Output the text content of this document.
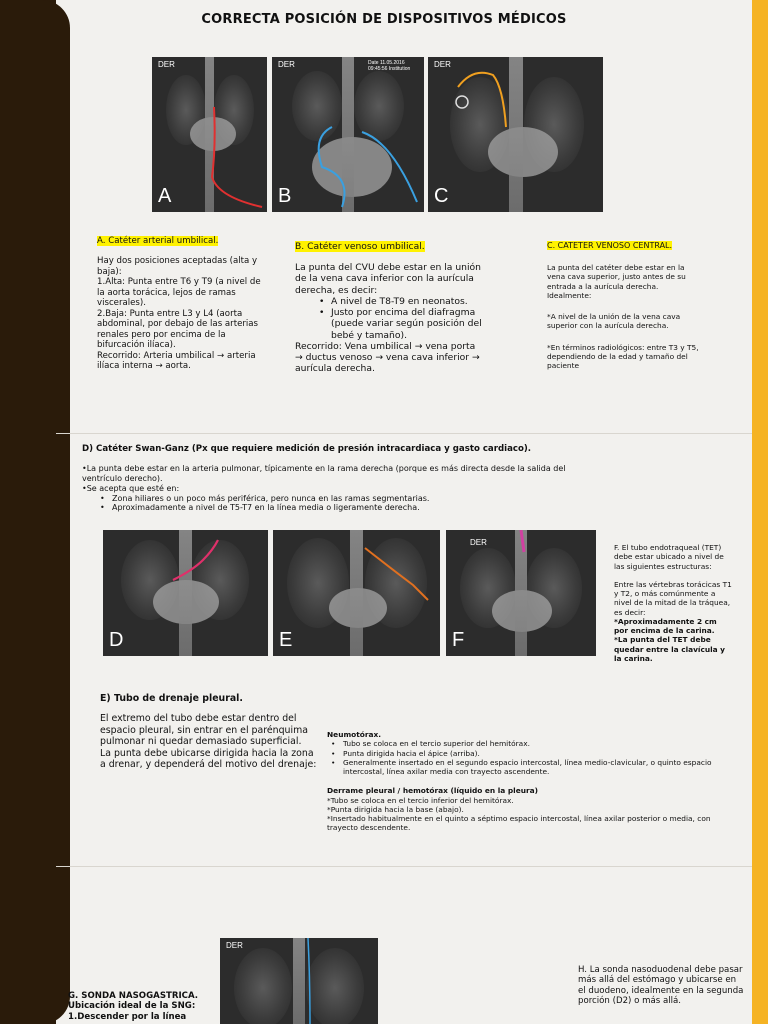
CORRECTA POSICIÓN DE DISPOSITIVOS MÉDICOS
DER
A
DER	Date 11.05.2016 09:45:56 Institution
B
DER
C
A. Catéter arterial umbilical.
Hay dos posiciones aceptadas (alta y baja):
1.Alta: Punta entre T6 y T9 (a nivel de la aorta torácica, lejos de ramas viscerales).
2.Baja: Punta entre L3 y L4 (aorta abdominal, por debajo de las arterias renales pero por encima de la bifurcación ilíaca).
Recorrido: Arteria umbilical → arteria ilíaca interna → aorta.
B. Catéter venoso umbilical.
La punta del CVU debe estar en la unión de la vena cava inferior con la aurícula derecha, es decir:
• A nivel de T8-T9 en neonatos.
• Justo por encima del diafragma (puede variar según posición del bebé y tamaño).
Recorrido: Vena umbilical → vena porta → ductus venoso → vena cava inferior → aurícula derecha.
C. CATETER VENOSO CENTRAL.
La punta del catéter debe estar en la vena cava superior, justo antes de su entrada a la aurícula derecha. Idealmente:
*A nivel de la unión de la vena cava superior con la aurícula derecha.
*En términos radiológicos: entre T3 y T5, dependiendo de la edad y tamaño del paciente
D) Catéter Swan-Ganz (Px que requiere medición de presión intracardiaca y gasto cardiaco).
•La punta debe estar en la arteria pulmonar, típicamente en la rama derecha (porque es más directa desde la salida del ventrículo derecho).
•Se acepta que esté en:
• Zona hiliares o un poco más periférica, pero nunca en las ramas segmentarias.
• Aproximadamente a nivel de T5-T7 en la línea media o ligeramente derecha.
D	E
DER
F
F. El tubo endotraqueal (TET) debe estar ubicado a nivel de las siguientes estructuras:
Entre las vértebras torácicas T1 y T2, o más comúnmente a nivel de la mitad de la tráquea, es decir:
*Aproximadamente 2 cm por encima de la carina.
*La punta del TET debe quedar entre la clavícula y la carina.
E) Tubo de drenaje pleural.
El extremo del tubo debe estar dentro del espacio pleural, sin entrar en el parénquima pulmonar ni quedar demasiado superficial.
La punta debe ubicarse dirigida hacia la zona a drenar, y dependerá del motivo del drenaje:
Neumotórax.
• Tubo se coloca en el tercio superior del hemitórax.
• Punta dirigida hacia el ápice (arriba).
• Generalmente insertado en el segundo espacio intercostal, línea medio-clavicular, o quinto espacio intercostal, línea axilar media con trayecto ascendente.
Derrame pleural / hemotórax (líquido en la pleura)
*Tubo se coloca en el tercio inferior del hemitórax.
*Punta dirigida hacia la base (abajo).
*Insertado habitualmente en el quinto a séptimo espacio intercostal, línea axilar posterior o media, con trayecto descendente.
DER
G. SONDA NASOGASTRICA.
Ubicación ideal de la SNG:
1.Descender por la línea
H. La sonda nasoduodenal debe pasar más allá del estómago y ubicarse en el duodeno, idealmente en la segunda porción (D2) o más allá.
